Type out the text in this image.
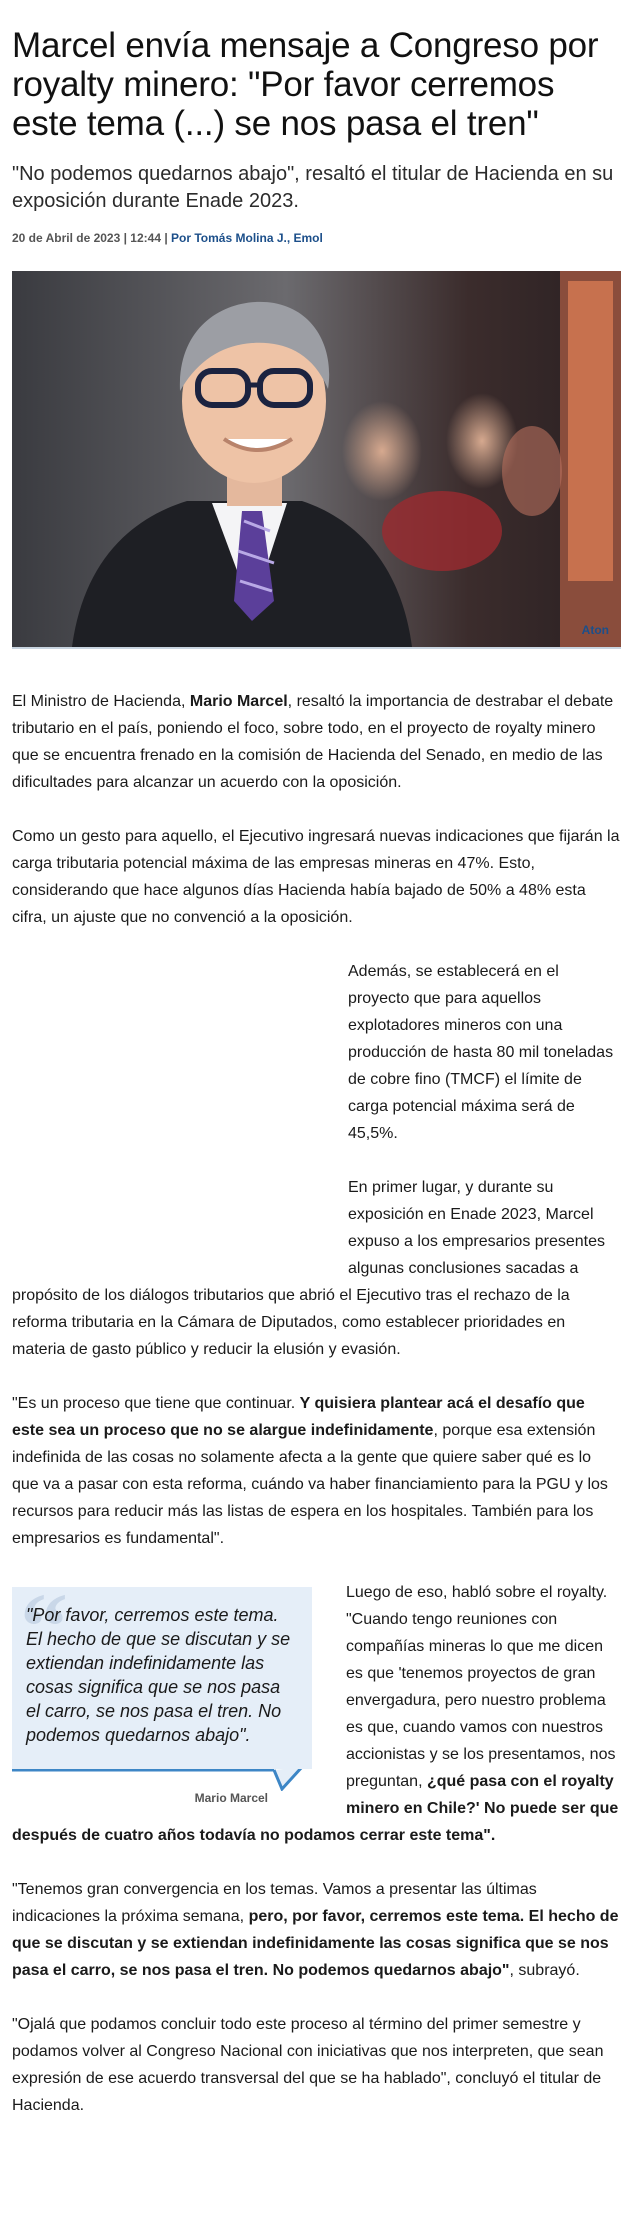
Marcel envía mensaje a Congreso por royalty minero: "Por favor cerremos este tema (...) se nos pasa el tren"

"No podemos quedarnos abajo", resaltó el titular de Hacienda en su exposición durante Enade 2023.

20 de Abril de 2023 | 12:44 | Por Tomás Molina J., Emol
Aton

El Ministro de Hacienda, Mario Marcel, resaltó la importancia de destrabar el debate tributario en el país, poniendo el foco, sobre todo, en el proyecto de royalty minero que se encuentra frenado en la comisión de Hacienda del Senado, en medio de las dificultades para alcanzar un acuerdo con la oposición.

Como un gesto para aquello, el Ejecutivo ingresará nuevas indicaciones que fijarán la carga tributaria potencial máxima de las empresas mineras en 47%. Esto, considerando que hace algunos días Hacienda había bajado de 50% a 48% esta cifra, un ajuste que no convenció a la oposición.

Además, se establecerá en el proyecto que para aquellos explotadores mineros con una producción de hasta 80 mil toneladas de cobre fino (TMCF) el límite de carga potencial máxima será de 45,5%.

En primer lugar, y durante su exposición en Enade 2023, Marcel expuso a los empresarios presentes algunas conclusiones sacadas a propósito de los diálogos tributarios que abrió el Ejecutivo tras el rechazo de la reforma tributaria en la Cámara de Diputados, como establecer prioridades en materia de gasto público y reducir la elusión y evasión.

"Es un proceso que tiene que continuar. Y quisiera plantear acá el desafío que este sea un proceso que no se alargue indefinidamente, porque esa extensión indefinida de las cosas no solamente afecta a la gente que quiere saber qué es lo que va a pasar con esta reforma, cuándo va haber financiamiento para la PGU y los recursos para reducir más las listas de espera en los hospitales. También para los empresarios es fundamental".

“
"Por favor, cerremos este tema. El hecho de que se discutan y se extiendan indefinidamente las cosas significa que se nos pasa el carro, se nos pasa el tren. No podemos quedarnos abajo".
Mario Marcel

Luego de eso, habló sobre el royalty. "Cuando tengo reuniones con compañías mineras lo que me dicen es que 'tenemos proyectos de gran envergadura, pero nuestro problema es que, cuando vamos con nuestros accionistas y se los presentamos, nos preguntan, ¿qué pasa con el royalty minero en Chile?' No puede ser que después de cuatro años todavía no podamos cerrar este tema".

"Tenemos gran convergencia en los temas. Vamos a presentar las últimas indicaciones la próxima semana, pero, por favor, cerremos este tema. El hecho de que se discutan y se extiendan indefinidamente las cosas significa que se nos pasa el carro, se nos pasa el tren. No podemos quedarnos abajo", subrayó.

"Ojalá que podamos concluir todo este proceso al término del primer semestre y podamos volver al Congreso Nacional con iniciativas que nos interpreten, que sean expresión de ese acuerdo transversal del que se ha hablado", concluyó el titular de Hacienda.
